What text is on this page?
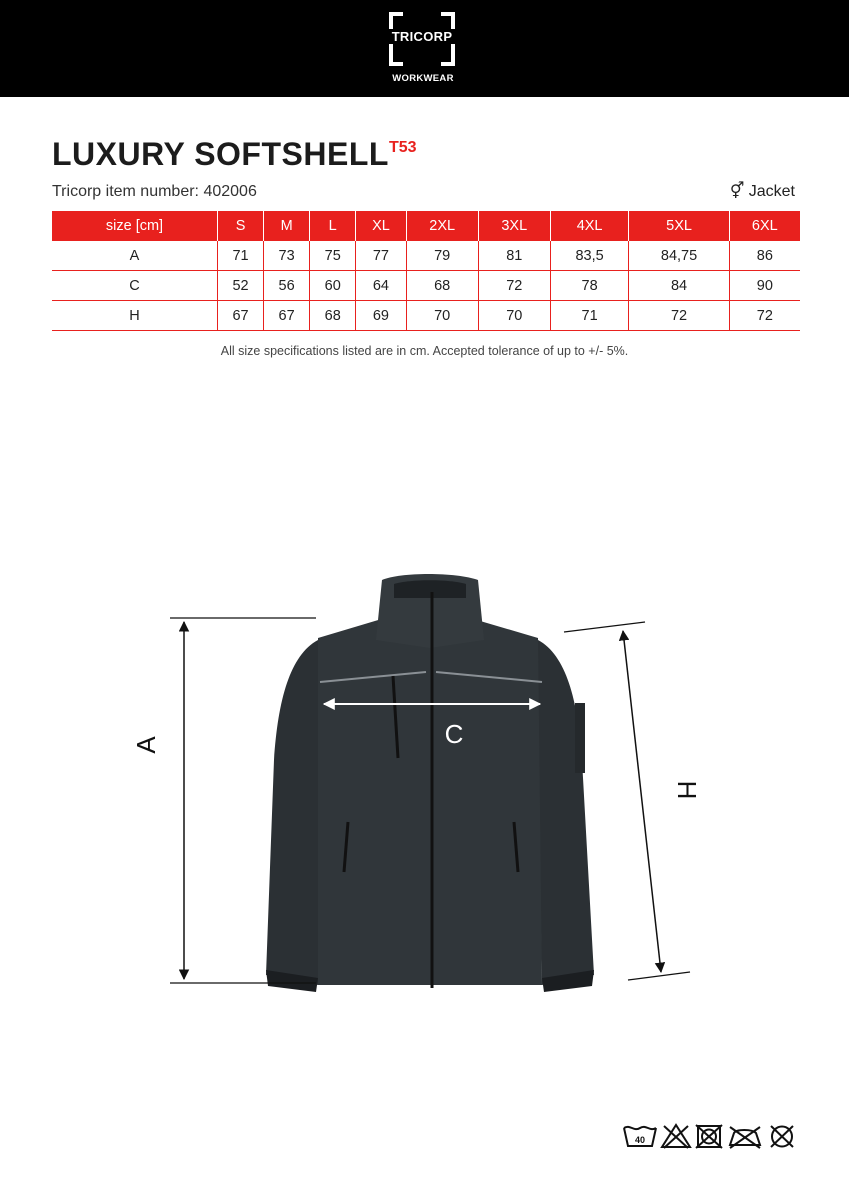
TRICORP
WORKWEAR
LUXURY SOFTSHELL T53
Tricorp item number: 402006	⚥ Jacket
size [cm]	S	M	L	XL	2XL	3XL	4XL	5XL	6XL
A	71	73	75	77	79	81	83,5	84,75	86
C	52	56	60	64	68	72	78	84	90
H	67	67	68	69	70	70	71	72	72
All size specifications listed are in cm. Accepted tolerance of up to +/- 5%.
A	C
H
40
